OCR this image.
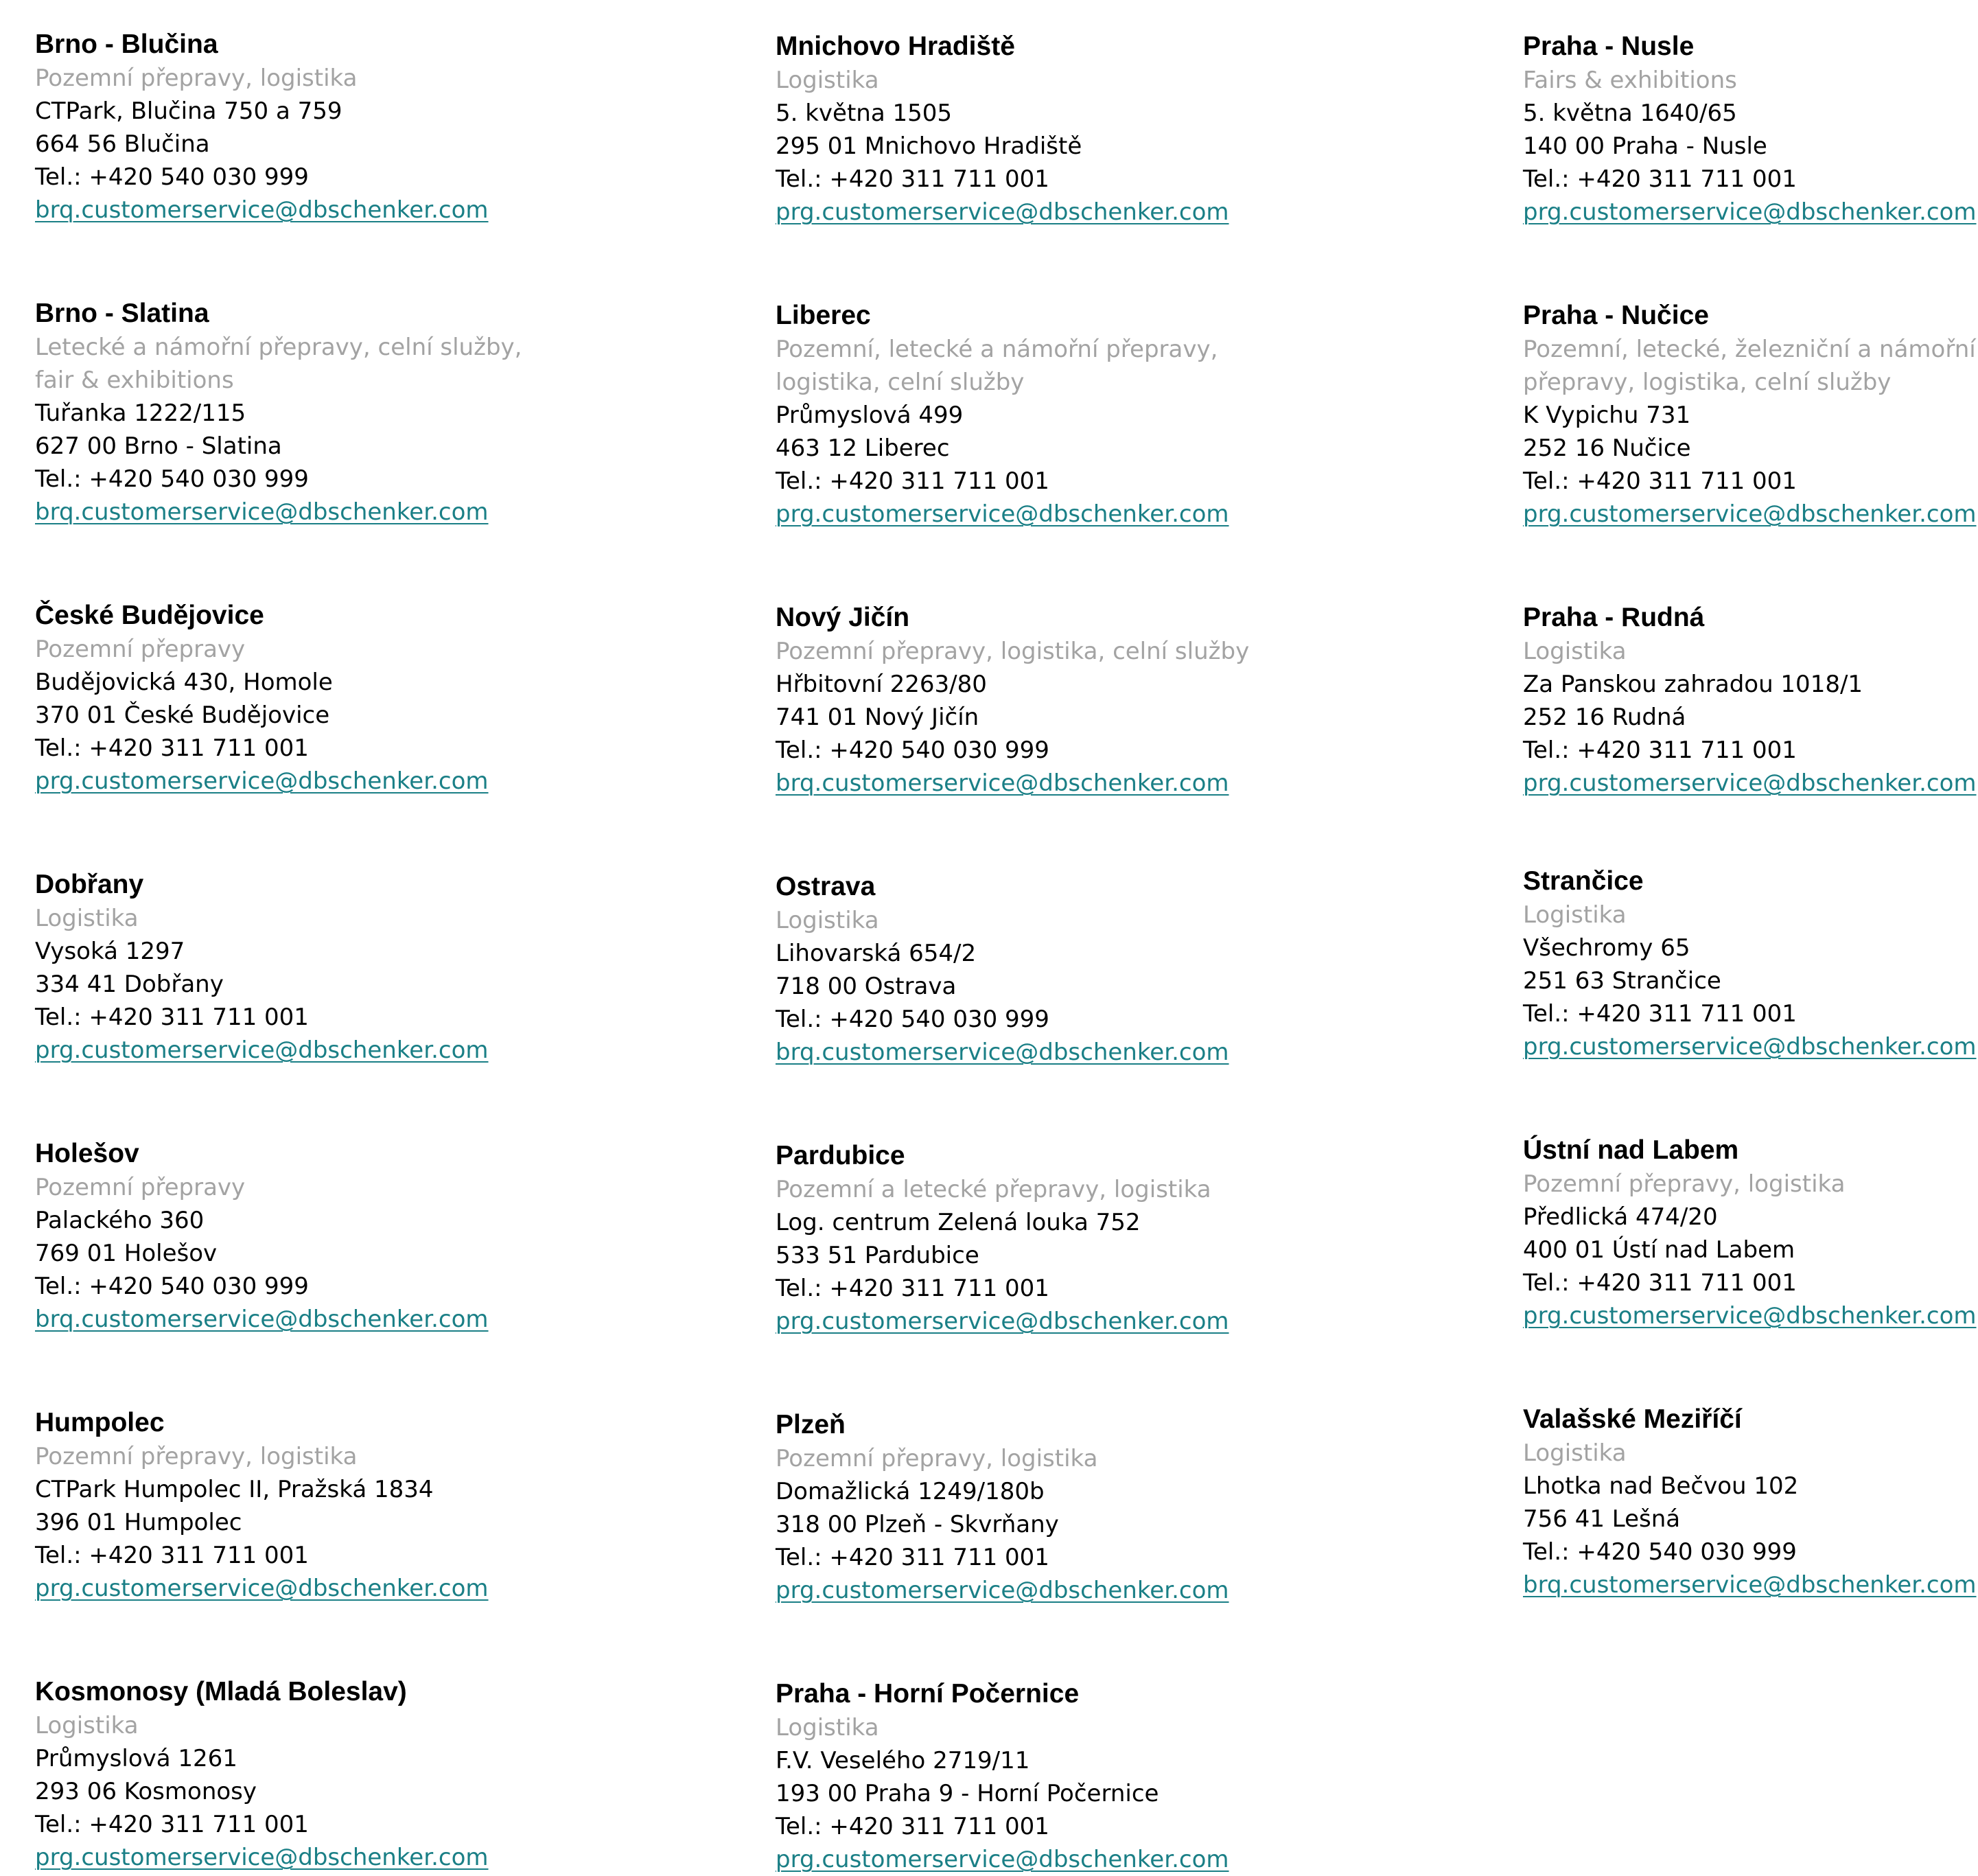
Brno - Blučina
Pozemní přepravy, logistika
CTPark, Blučina 750 a 759
664 56 Blučina
Tel.: +420 540 030 999
brq.customerservice@dbschenker.com
Brno - Slatina
Letecké a námořní přepravy, celní služby,
fair & exhibitions
Tuřanka 1222/115
627 00 Brno - Slatina
Tel.: +420 540 030 999
brq.customerservice@dbschenker.com
České Budějovice
Pozemní přepravy
Budějovická 430, Homole
370 01 České Budějovice
Tel.: +420 311 711 001
prg.customerservice@dbschenker.com
Dobřany
Logistika
Vysoká 1297
334 41 Dobřany
Tel.: +420 311 711 001
prg.customerservice@dbschenker.com
Holešov
Pozemní přepravy
Palackého 360
769 01 Holešov
Tel.: +420 540 030 999
brq.customerservice@dbschenker.com
Humpolec
Pozemní přepravy, logistika
CTPark Humpolec II, Pražská 1834
396 01 Humpolec
Tel.: +420 311 711 001
prg.customerservice@dbschenker.com
Kosmonosy (Mladá Boleslav)
Logistika
Průmyslová 1261
293 06 Kosmonosy
Tel.: +420 311 711 001
prg.customerservice@dbschenker.com
Mnichovo Hradiště
Logistika
5. května 1505
295 01 Mnichovo Hradiště
Tel.: +420 311 711 001
prg.customerservice@dbschenker.com
Liberec
Pozemní, letecké a námořní přepravy,
logistika, celní služby
Průmyslová 499
463 12 Liberec
Tel.: +420 311 711 001
prg.customerservice@dbschenker.com
Nový Jičín
Pozemní přepravy, logistika, celní služby
Hřbitovní 2263/80
741 01 Nový Jičín
Tel.: +420 540 030 999
brq.customerservice@dbschenker.com
Ostrava
Logistika
Lihovarská 654/2
718 00 Ostrava
Tel.: +420 540 030 999
brq.customerservice@dbschenker.com
Pardubice
Pozemní a letecké přepravy, logistika
Log. centrum Zelená louka 752
533 51 Pardubice
Tel.: +420 311 711 001
prg.customerservice@dbschenker.com
Plzeň
Pozemní přepravy, logistika
Domažlická 1249/180b
318 00 Plzeň - Skvrňany
Tel.: +420 311 711 001
prg.customerservice@dbschenker.com
Praha - Horní Počernice
Logistika
F.V. Veselého 2719/11
193 00 Praha 9 - Horní Počernice
Tel.: +420 311 711 001
prg.customerservice@dbschenker.com
Praha - Nusle
Fairs & exhibitions
5. května 1640/65
140 00 Praha - Nusle
Tel.: +420 311 711 001
prg.customerservice@dbschenker.com
Praha - Nučice
Pozemní, letecké, železniční a námořní
přepravy, logistika, celní služby
K Vypichu 731
252 16 Nučice
Tel.: +420 311 711 001
prg.customerservice@dbschenker.com
Praha - Rudná
Logistika
Za Panskou zahradou 1018/1
252 16 Rudná
Tel.: +420 311 711 001
prg.customerservice@dbschenker.com
Strančice
Logistika
Všechromy 65
251 63 Strančice
Tel.: +420 311 711 001
prg.customerservice@dbschenker.com
Ústní nad Labem
Pozemní přepravy, logistika
Předlická 474/20
400 01 Ústí nad Labem
Tel.: +420 311 711 001
prg.customerservice@dbschenker.com
Valašské Meziříčí
Logistika
Lhotka nad Bečvou 102
756 41 Lešná
Tel.: +420 540 030 999
brq.customerservice@dbschenker.com
